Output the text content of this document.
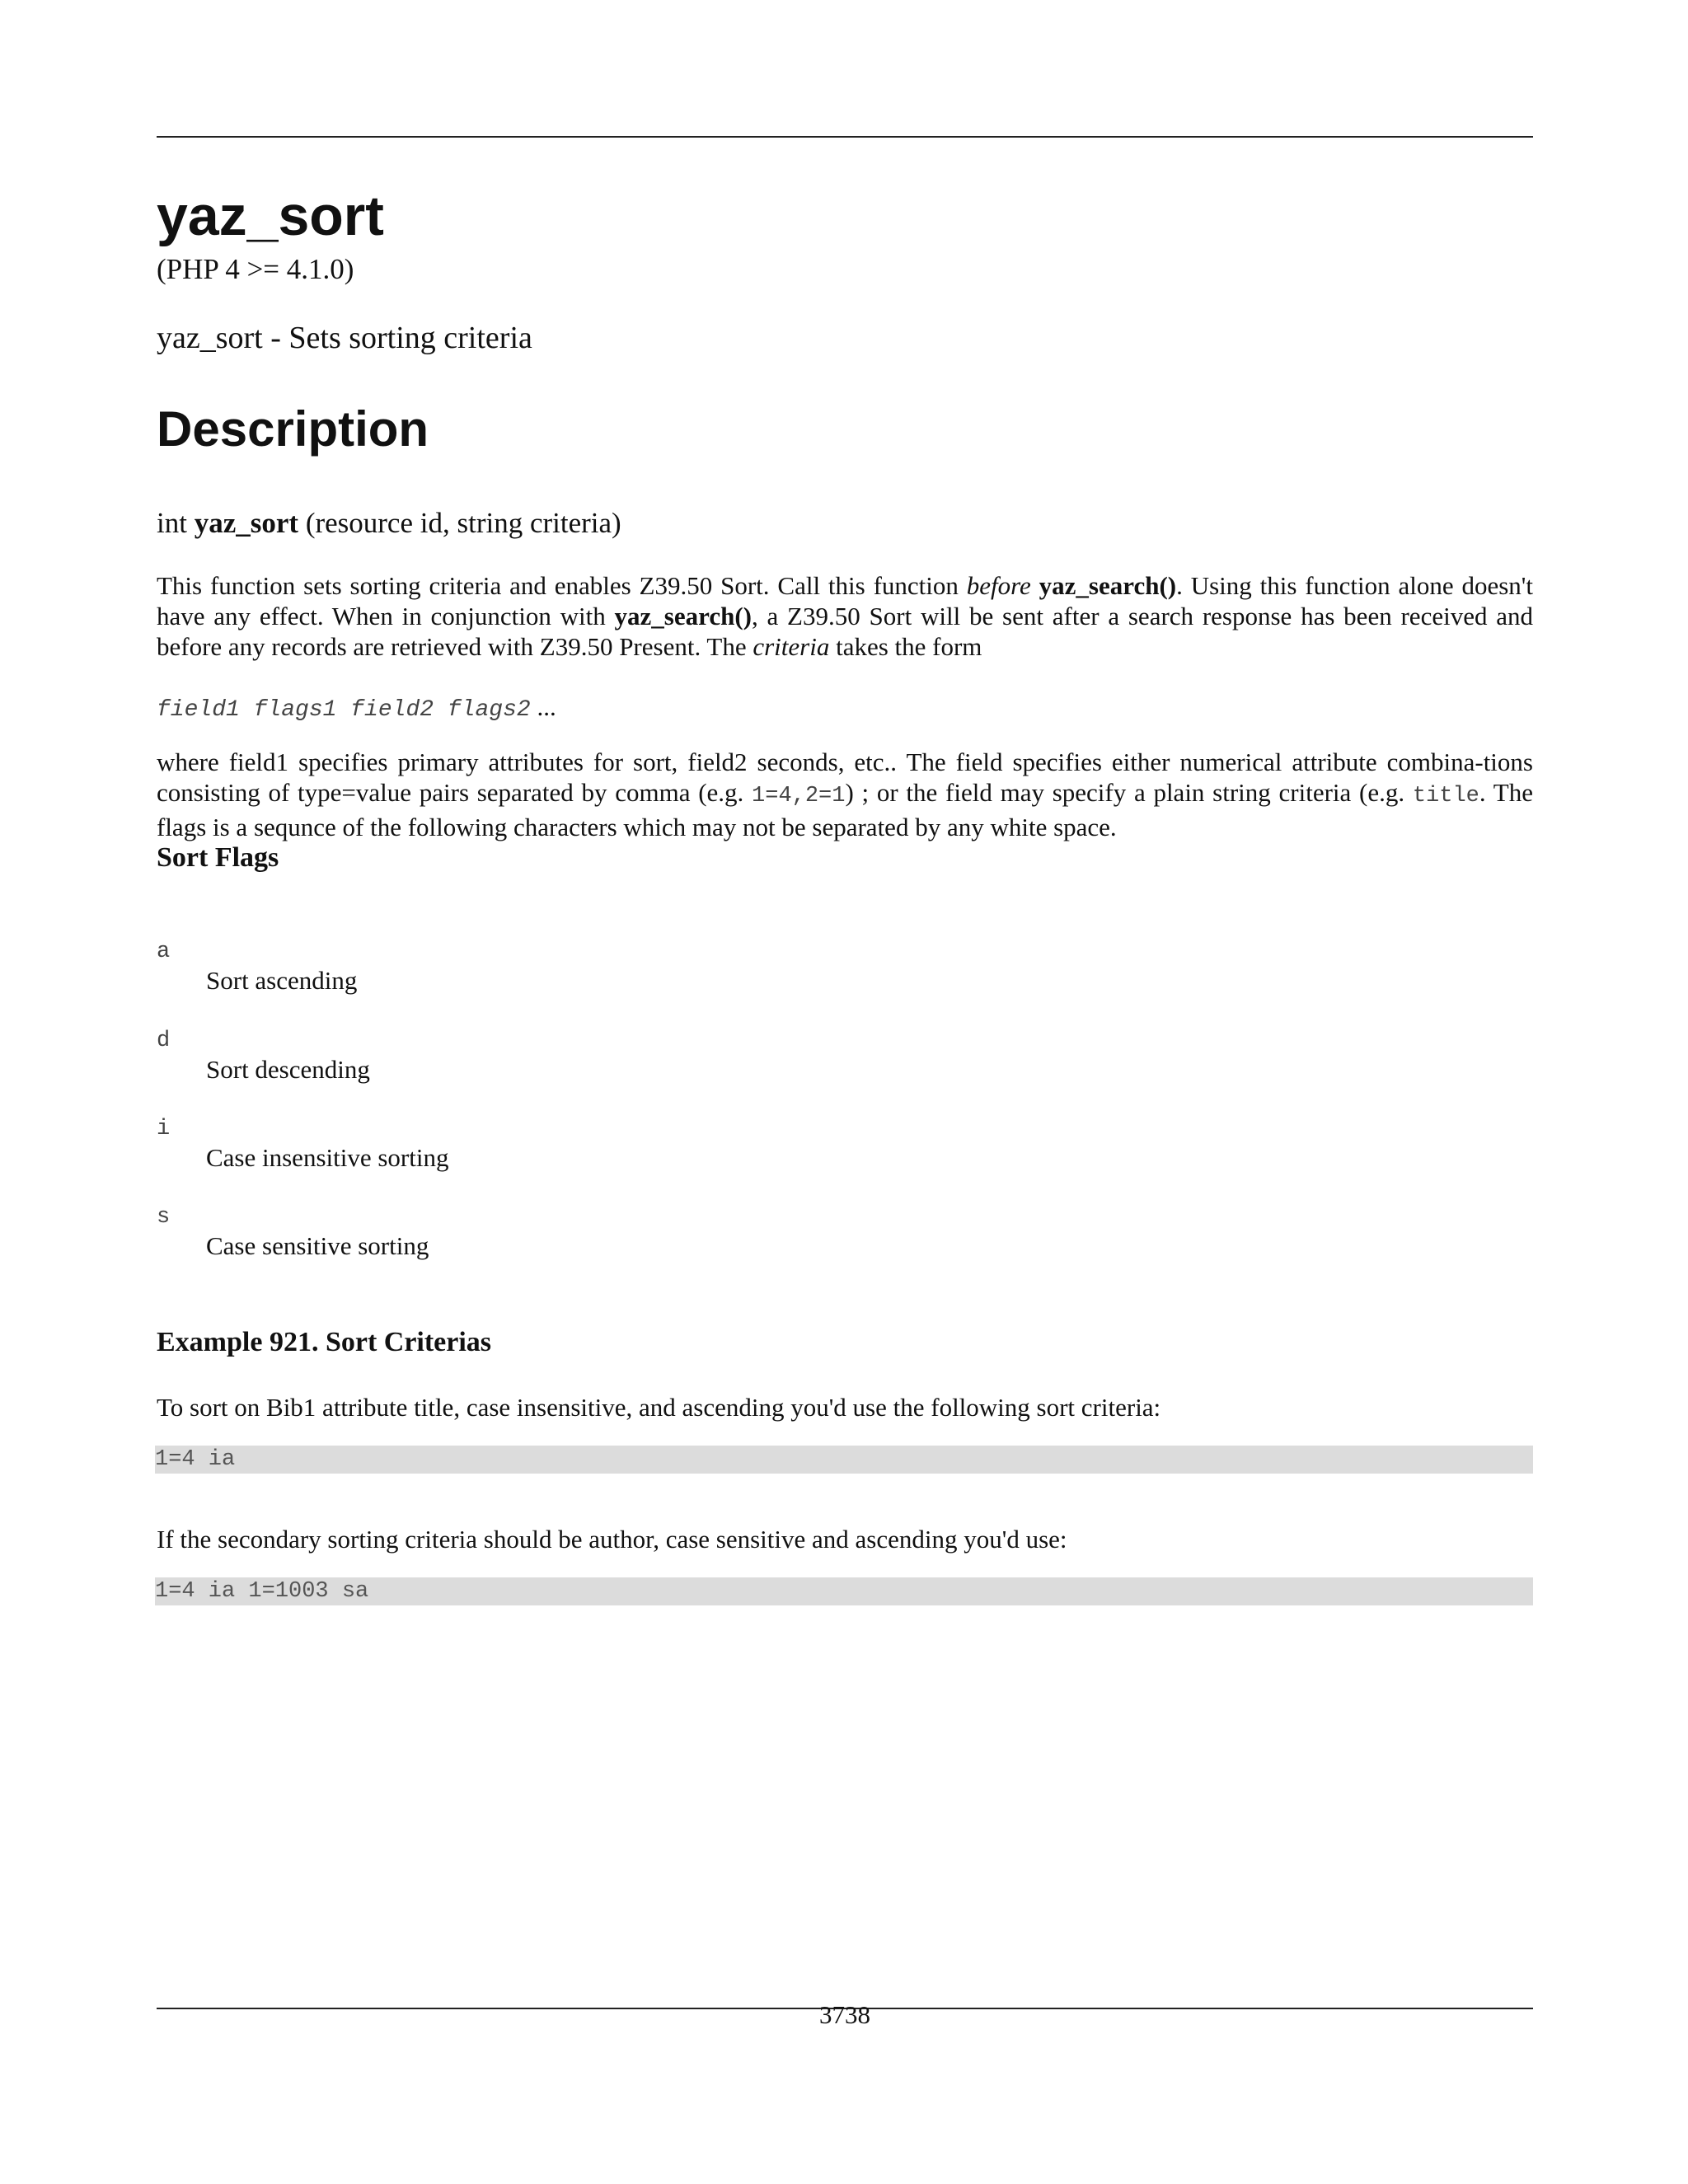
yaz_sort
(PHP 4 >= 4.1.0)
yaz_sort - Sets sorting criteria
Description
int yaz_sort (resource id, string criteria)

This function sets sorting criteria and enables Z39.50 Sort. Call this function before yaz_search(). Using this function alone doesn't have any effect. When in conjunction with yaz_search(), a Z39.50 Sort will be sent after a search response has been received and before any records are retrieved with Z39.50 Present. The criteria takes the form

field1 flags1 field2 flags2 ...

where field1 specifies primary attributes for sort, field2 seconds, etc.. The field specifies either numerical attribute combina-tions consisting of type=value pairs separated by comma (e.g. 1=4,2=1) ; or the field may specify a plain string criteria (e.g. title. The flags is a sequnce of the following characters which may not be separated by any white space.

Sort Flags
a
Sort ascending
d
Sort descending
i
Case insensitive sorting
s
Case sensitive sorting
Example 921. Sort Criterias
To sort on Bib1 attribute title, case insensitive, and ascending you'd use the following sort criteria:
1=4 ia
If the secondary sorting criteria should be author, case sensitive and ascending you'd use:
1=4 ia 1=1003 sa
3738
